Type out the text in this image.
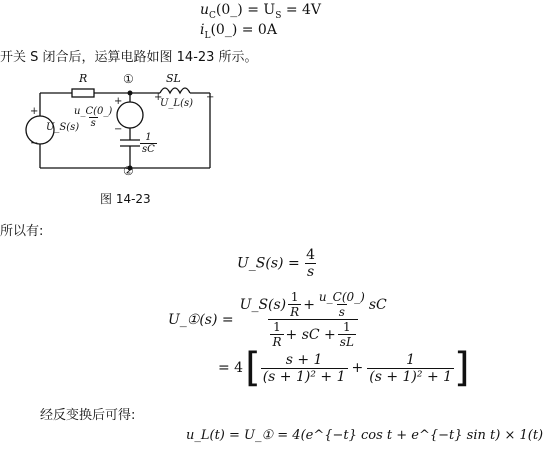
$u_C(0\_) = U_S = 4V$
$i_L(0\_) = 0A$
开关 S 闭合后，运算电路如图 14-23 所示。
R	①	SL
+
U_L(s)
−
+
U_S(s)
−
$\frac{u\_C(0\_)}{s}$
+
−
$\frac{1}{sC}$
②
图 14-23
所以有:
U_S(s) = $\frac{4}{s}$
U_①(s) = $\frac{U\_S(s) \frac{1}{R} + \frac{u\_C(0\_)}{s} sC}{\frac{1}{R} + sC + \frac{1}{sL}}$
= 4 [ $\frac{s + 1}{\text{(s + 1)² + 1}} + \frac{1}{\text{(s + 1)² + 1}}$ ]
经反变换后可得:
u_L(t) = U_① = 4(e^{−t} cos t + e^{−t} sin t) × 1(t)
